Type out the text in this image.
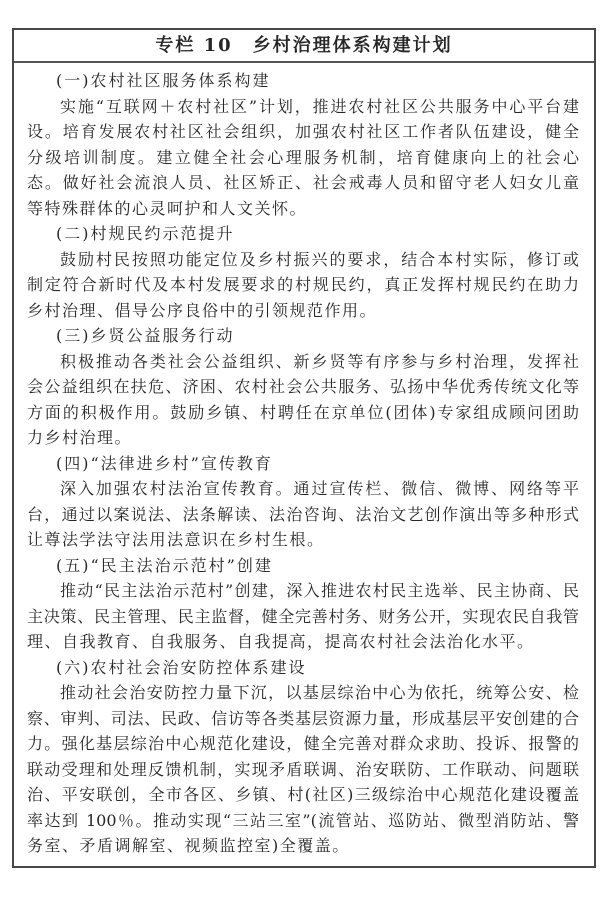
专栏 10　乡村治理体系构建计划
(一)农村社区服务体系构建
实施“互联网＋农村社区”计划，推进农村社区公共服务中心平台建
设。培育发展农村社区社会组织，加强农村社区工作者队伍建设，健全
分级培训制度。建立健全社会心理服务机制，培育健康向上的社会心
态。做好社会流浪人员、社区矫正、社会戒毒人员和留守老人妇女儿童
等特殊群体的心灵呵护和人文关怀。
(二)村规民约示范提升
鼓励村民按照功能定位及乡村振兴的要求，结合本村实际，修订或
制定符合新时代及本村发展要求的村规民约，真正发挥村规民约在助力
乡村治理、倡导公序良俗中的引领规范作用。
(三)乡贤公益服务行动
积极推动各类社会公益组织、新乡贤等有序参与乡村治理，发挥社
会公益组织在扶危、济困、农村社会公共服务、弘扬中华优秀传统文化等
方面的积极作用。鼓励乡镇、村聘任在京单位(团体)专家组成顾问团助
力乡村治理。
(四)“法律进乡村”宣传教育
深入加强农村法治宣传教育。通过宣传栏、微信、微博、网络等平
台，通过以案说法、法条解读、法治咨询、法治文艺创作演出等多种形式
让尊法学法守法用法意识在乡村生根。
(五)“民主法治示范村”创建
推动“民主法治示范村”创建，深入推进农村民主选举、民主协商、民
主决策、民主管理、民主监督，健全完善村务、财务公开，实现农民自我管
理、自我教育、自我服务、自我提高，提高农村社会法治化水平。
(六)农村社会治安防控体系建设
推动社会治安防控力量下沉，以基层综治中心为依托，统筹公安、检
察、审判、司法、民政、信访等各类基层资源力量，形成基层平安创建的合
力。强化基层综治中心规范化建设，健全完善对群众求助、投诉、报警的
联动受理和处理反馈机制，实现矛盾联调、治安联防、工作联动、问题联
治、平安联创，全市各区、乡镇、村(社区)三级综治中心规范化建设覆盖
率达到 100％。推动实现“三站三室”(流管站、巡防站、微型消防站、警
务室、矛盾调解室、视频监控室)全覆盖。
